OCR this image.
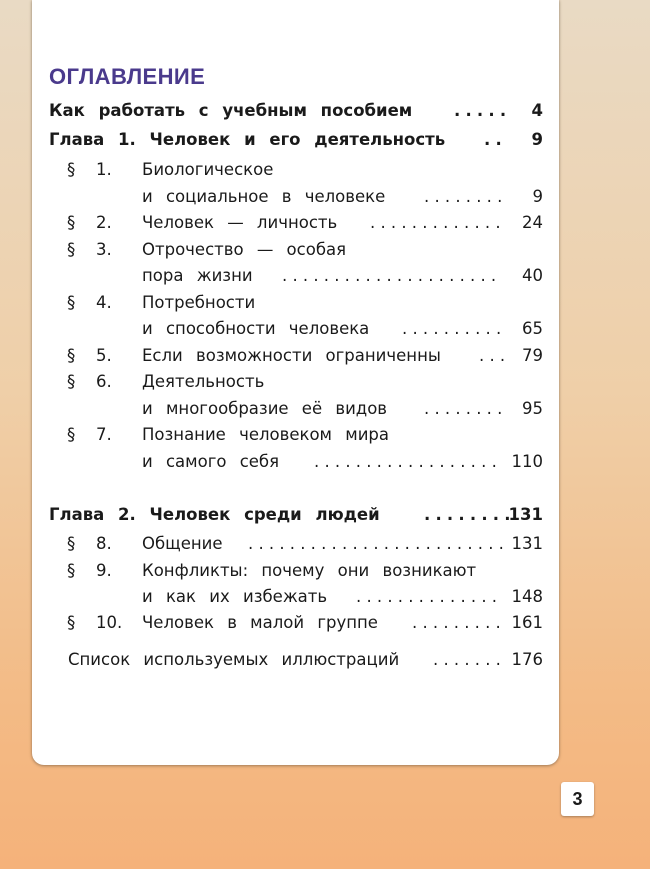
ОГЛАВЛЕНИЕ
Как работать с учебным пособием	..... 4
Глава 1. Человек и его деятельность .. 9
§ 1. Биологическое
и социальное в человеке ........ 9
§ 2. Человек — личность ............. 24
§ 3. Отрочество — особая
пора жизни ..................... 40
§ 4. Потребности
и способности человека .......... 65
§ 5. Если возможности ограниченны ... 79
§ 6. Деятельность
и многообразие её видов ........ 95
§ 7. Познание человеком мира
и самого себя .................. 110
Глава 2. Человек среди людей	........
131
§ 8. Общение ......................... 131
§ 9. Конфликты: почему они возникают
и как их избежать .............. 148
§ 10. Человек в малой группе ......... 161
Список используемых иллюстраций ....... 176
3
